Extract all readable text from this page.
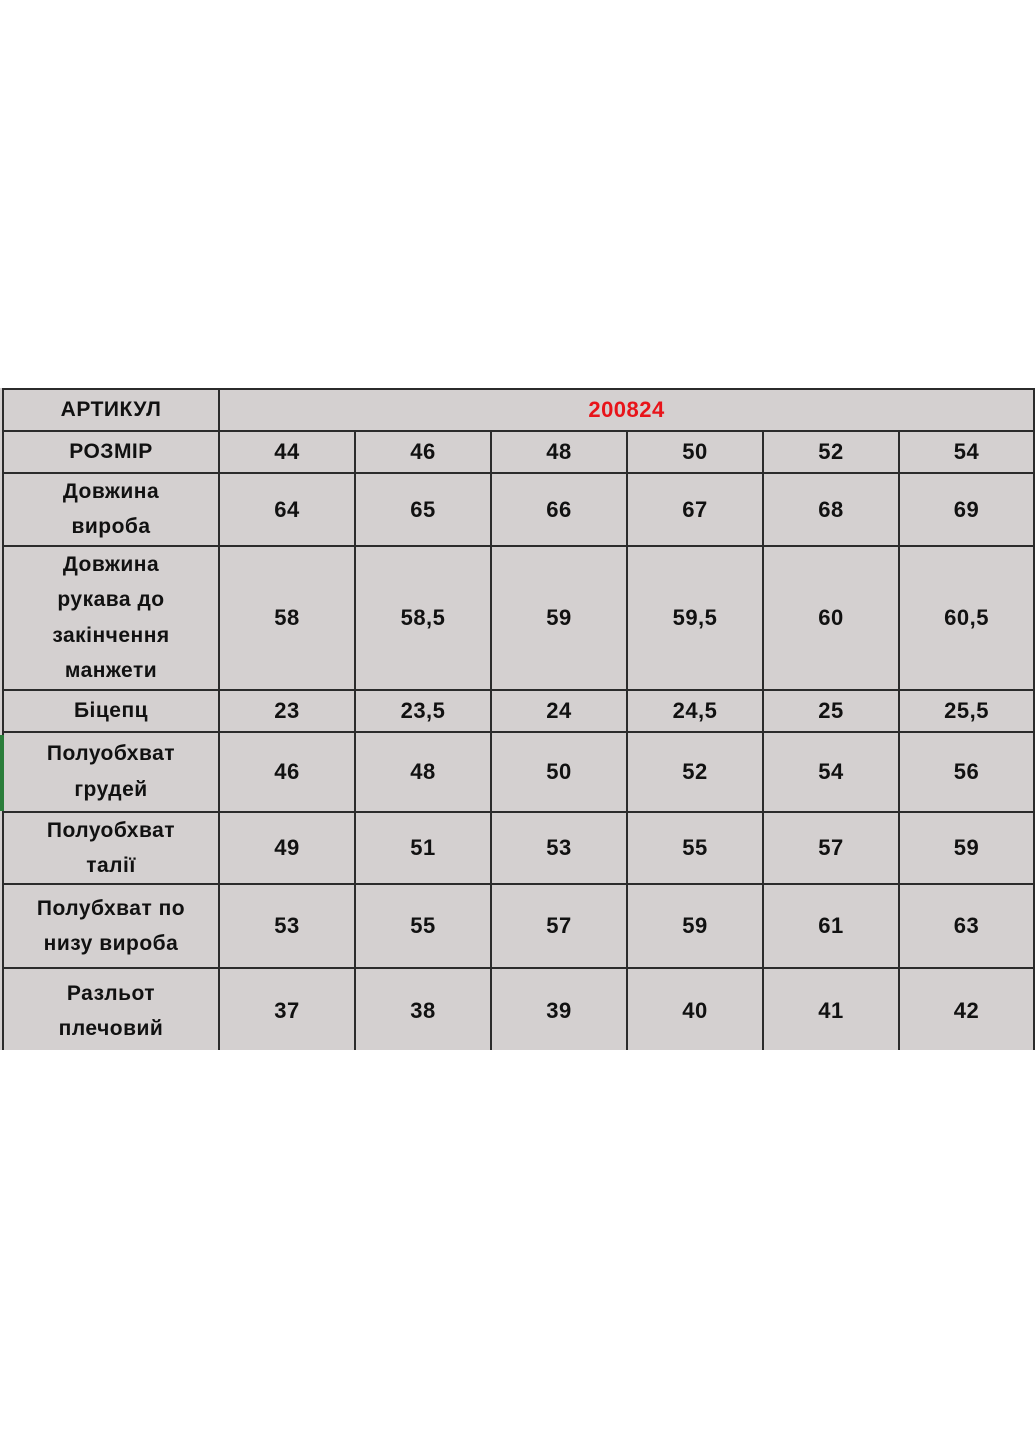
АРТИКУЛ	200824					
РОЗМІР	44	46	48	50	52	54
Довжина
виробa	64	65	66	67	68	69
Довжина
рукава до
закінчення
манжети	58	58,5	59	59,5	60	60,5
Біцепц	23	23,5	24	24,5	25	25,5
Полуобхват
грудей	46	48	50	52	54	56
Полуобхват
талії	49	51	53	55	57	59
Полубхват по
низу виробa	53	55	57	59	61	63
Разльот
плечовий	37	38	39	40	41	42
